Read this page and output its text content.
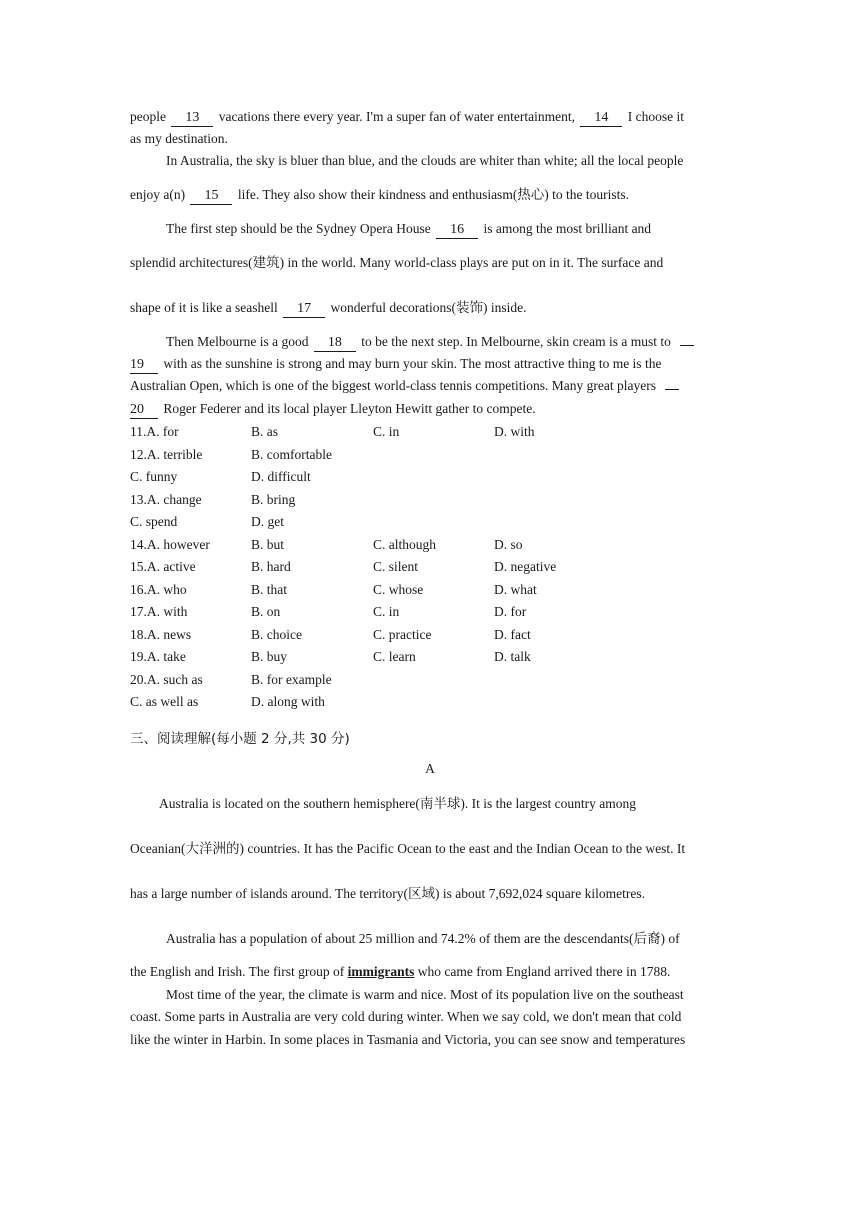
people 13 vacations there every year. I'm a super fan of water entertainment, 14 I choose it
as my destination.
In Australia, the sky is bluer than blue, and the clouds are whiter than white; all the local people
enjoy a(n) 15 life. They also show their kindness and enthusiasm(热心) to the tourists.
The first step should be the Sydney Opera House 16 is among the most brilliant and
splendid architectures(建筑) in the world. Many world-class plays are put on in it. The surface and
shape of it is like a seashell 17 wonderful decorations(装饰) inside.
Then Melbourne is a good 18 to be the next step. In Melbourne, skin cream is a must to
19 with as the sunshine is strong and may burn your skin. The most attractive thing to me is the
Australian Open, which is one of the biggest world-class tennis competitions. Many great players
20 Roger Federer and its local player Lleyton Hewitt gather to compete.
11.A. for	B. as	C. in	D. with
12.A. terrible	B. comfortable
C. funny	D. difficult
13.A. change	B. bring
C. spend	D. get
14.A. however	B. but	C. although	D. so
15.A. active	B. hard	C. silent	D. negative
16.A. who	B. that	C. whose	D. what
17.A. with	B. on	C. in	D. for
18.A. news	B. choice	C. practice	D. fact
19.A. take	B. buy	C. learn	D. talk
20.A. such as	B. for example
C. as well as	D. along with
三、阅读理解(每小题 2 分,共 30 分)
A
Australia is located on the southern hemisphere(南半球). It is the largest country among
Oceanian(大洋洲的) countries. It has the Pacific Ocean to the east and the Indian Ocean to the west. It
has a large number of islands around. The territory(区域) is about 7,692,024 square kilometres.
Australia has a population of about 25 million and 74.2% of them are the descendants(后裔) of
the English and Irish. The first group of immigrants who came from England arrived there in 1788.
Most time of the year, the climate is warm and nice. Most of its population live on the southeast
coast. Some parts in Australia are very cold during winter. When we say cold, we don't mean that cold
like the winter in Harbin. In some places in Tasmania and Victoria, you can see snow and temperatures
